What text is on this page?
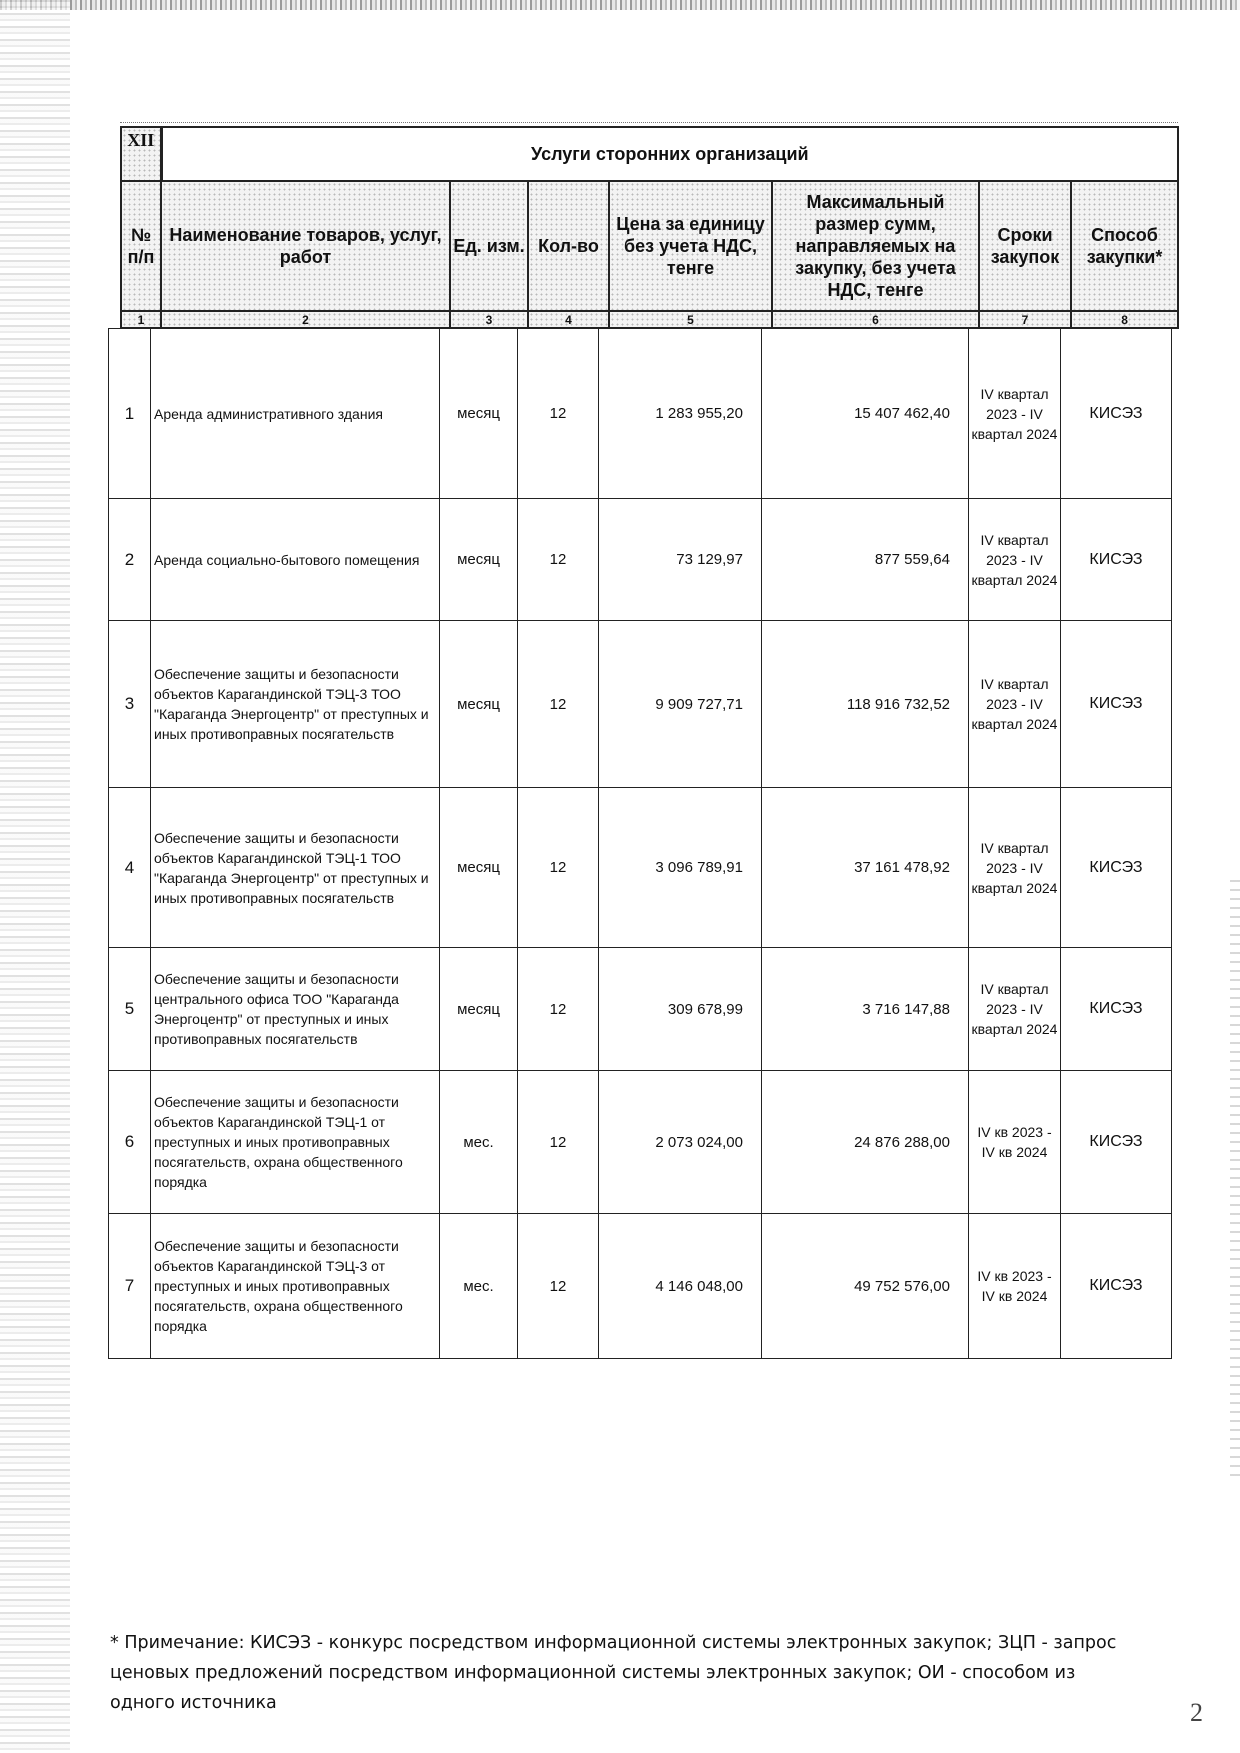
XII	Услуги сторонних организаций						
№ п/п	Наименование товаров, услуг, работ	Ед. изм.	Кол-во	Цена за единицу без учета НДС, тенге	Максимальный размер сумм, направляемых на закупку, без учета НДС, тенге	Сроки закупок	Способ закупки*
1	2	3	4	5	6	7	8
1	Аренда административного здания	месяц	12	1 283 955,20	15 407 462,40	IV квартал 2023 - IV квартал 2024	КИСЭЗ
2	Аренда социально-бытового помещения	месяц	12	73 129,97	877 559,64	IV квартал 2023 - IV квартал 2024	КИСЭЗ
3	Обеспечение защиты и безопасности объектов Карагандинской ТЭЦ-3 ТОО "Караганда Энергоцентр" от преступных и иных противоправных посягательств	месяц	12	9 909 727,71	118 916 732,52	IV квартал 2023 - IV квартал 2024	КИСЭЗ
4	Обеспечение защиты и безопасности объектов Карагандинской ТЭЦ-1 ТОО "Караганда Энергоцентр" от преступных и иных противоправных посягательств	месяц	12	3 096 789,91	37 161 478,92	IV квартал 2023 - IV квартал 2024	КИСЭЗ
5	Обеспечение защиты и безопасности центрального офиса ТОО "Караганда Энергоцентр" от преступных и иных противоправных посягательств	месяц	12	309 678,99	3 716 147,88	IV квартал 2023 - IV квартал 2024	КИСЭЗ
6	Обеспечение защиты и безопасности объектов Карагандинской ТЭЦ-1 от преступных и иных противоправных посягательств, охрана общественного порядка	мес.	12	2 073 024,00	24 876 288,00	IV кв 2023 - IV кв 2024	КИСЭЗ
7	Обеспечение защиты и безопасности объектов Карагандинской ТЭЦ-3 от преступных и иных противоправных посягательств, охрана общественного порядка	мес.	12	4 146 048,00	49 752 576,00	IV кв 2023 - IV кв 2024	КИСЭЗ
* Примечание: КИСЭЗ - конкурс посредством информационной системы электронных закупок; ЗЦП - запрос ценовых предложений посредством информационной системы электронных закупок; ОИ - способом из одного источника	2
